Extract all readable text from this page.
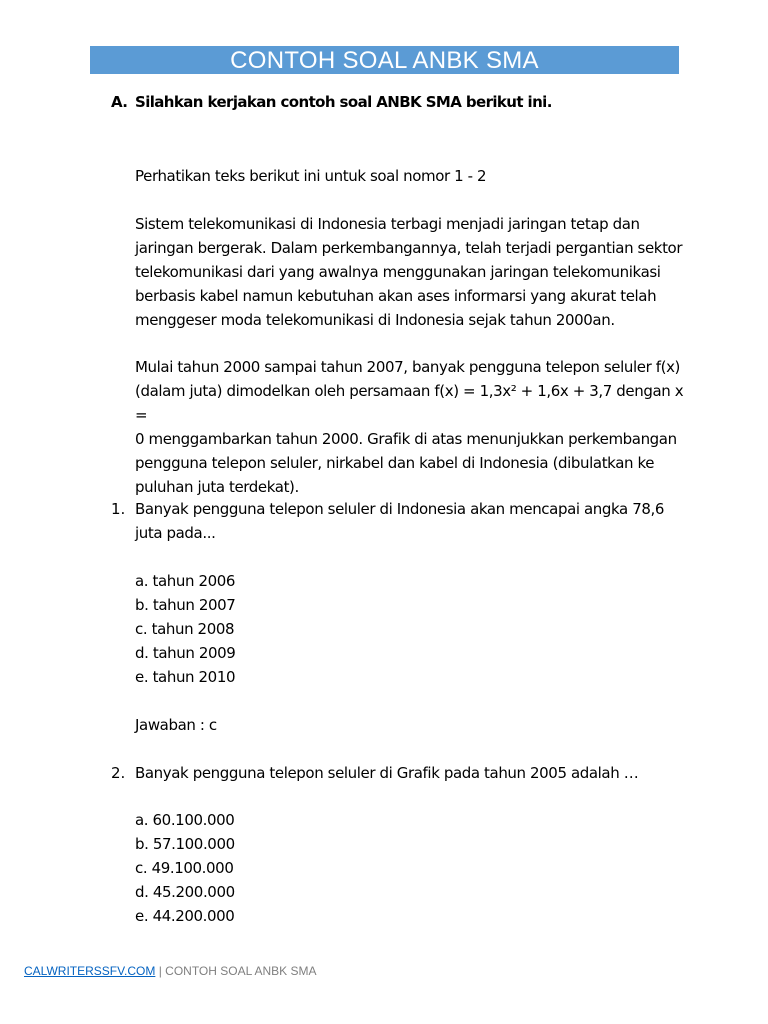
CONTOH SOAL ANBK SMA
A. Silahkan kerjakan contoh soal ANBK SMA berikut ini.

Perhatikan teks berikut ini untuk soal nomor 1 - 2

Sistem telekomunikasi di Indonesia terbagi menjadi jaringan tetap dan

jaringan bergerak. Dalam perkembangannya, telah terjadi pergantian sektor

telekomunikasi dari yang awalnya menggunakan jaringan telekomunikasi

berbasis kabel namun kebutuhan akan ases informarsi yang akurat telah

menggeser moda telekomunikasi di Indonesia sejak tahun 2000an.

Mulai tahun 2000 sampai tahun 2007, banyak pengguna telepon seluler f(x)

(dalam juta) dimodelkan oleh persamaan f(x) = 1,3x² + 1,6x + 3,7 dengan x =

0 menggambarkan tahun 2000. Grafik di atas menunjukkan perkembangan

pengguna telepon seluler, nirkabel dan kabel di Indonesia (dibulatkan ke

puluhan juta terdekat).

1. Banyak pengguna telepon seluler di Indonesia akan mencapai angka 78,6

juta pada...

a. tahun 2006

b. tahun 2007

c. tahun 2008

d. tahun 2009

e. tahun 2010

Jawaban : c

2. Banyak pengguna telepon seluler di Grafik pada tahun 2005 adalah …

a. 60.100.000

b. 57.100.000

c. 49.100.000

d. 45.200.000

e. 44.200.000

CALWRITERSSFV.COM | CONTOH SOAL ANBK SMA
